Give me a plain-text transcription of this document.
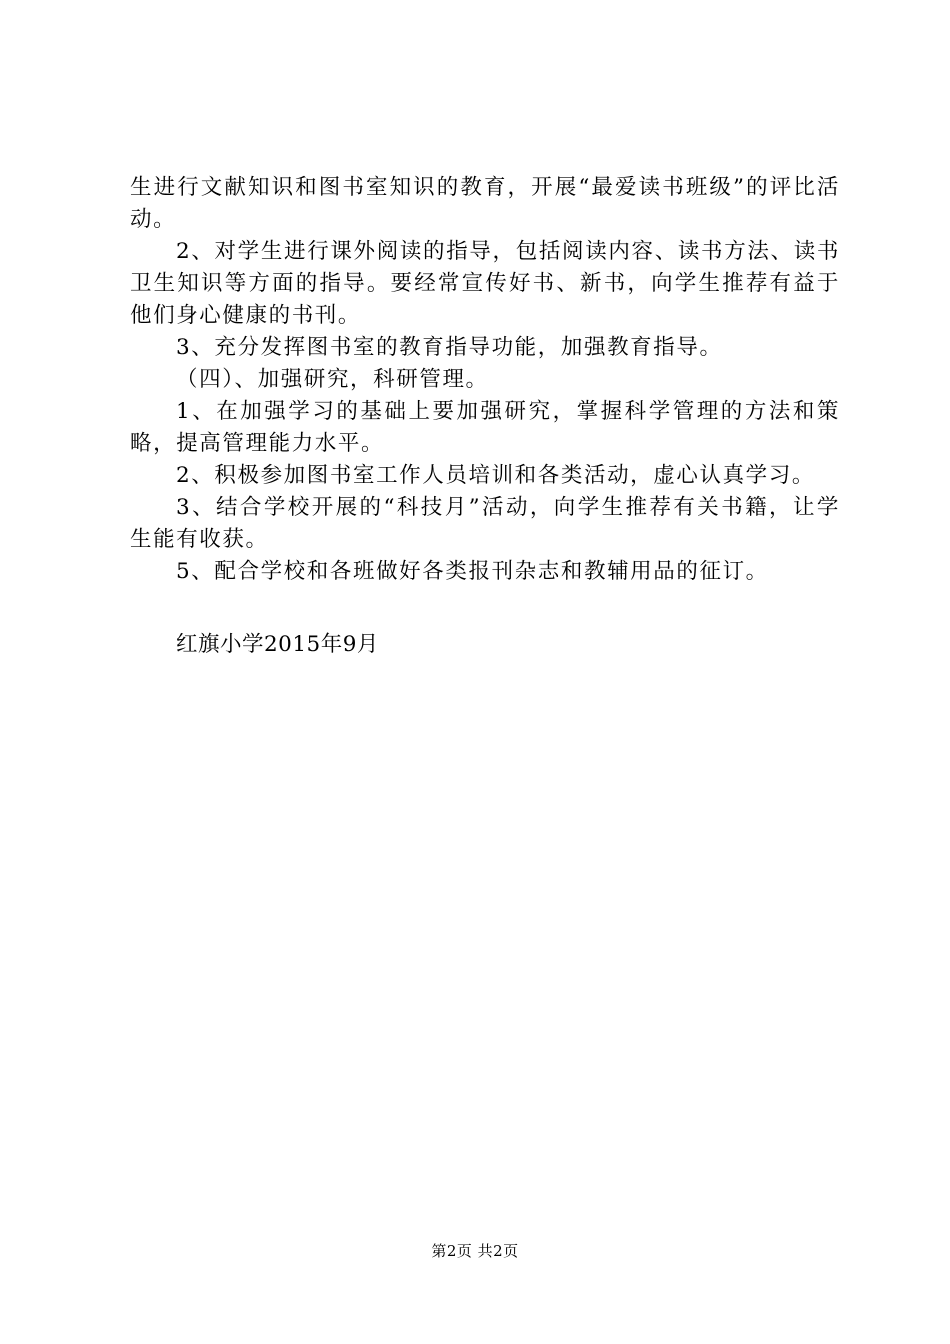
生进行文献知识和图书室知识的教育，开展“最爱读书班级”的评比活动。

2、对学生进行课外阅读的指导，包括阅读内容、读书方法、读书卫生知识等方面的指导。要经常宣传好书、新书，向学生推荐有益于他们身心健康的书刊。

3、充分发挥图书室的教育指导功能，加强教育指导。

（四）、加强研究，科研管理。

1、在加强学习的基础上要加强研究，掌握科学管理的方法和策略，提高管理能力水平。

2、积极参加图书室工作人员培训和各类活动，虚心认真学习。

3、结合学校开展的“科技月”活动，向学生推荐有关书籍，让学生能有收获。

5、配合学校和各班做好各类报刊杂志和教辅用品的征订。

红旗小学2015年9月
第2页 共2页
